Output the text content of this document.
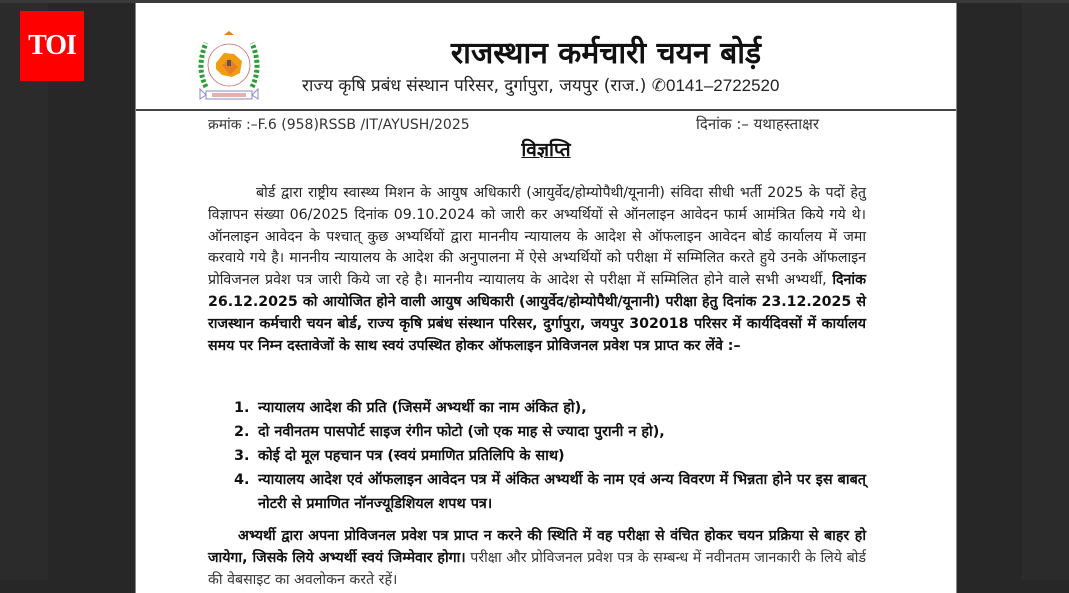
TOI	राजस्थान कर्मचारी चयन बोर्ड़
राज्य कृषि प्रबंध संस्थान परिसर, दुर्गापुरा, जयपुर (राज.) ✆0141–2722520
क्रमांक :–F.6 (958)RSSB /IT/AYUSH/2025	दिनांक :– यथाहस्ताक्षर
विज्ञप्ति
बोर्ड द्वारा राष्ट्रीय स्वास्थ्य मिशन के आयुष अधिकारी (आयुर्वेद/होम्योपैथी/यूनानी) संविदा सीधी भर्ती 2025 के पदों हेतु विज्ञापन संख्या 06/2025 दिनांक 09.10.2024 को जारी कर अभ्यर्थियों से ऑनलाइन आवेदन फार्म आमंत्रित किये गये थे। ऑनलाइन आवेदन के पश्चात् कुछ अभ्यर्थियों द्वारा माननीय न्यायालय के आदेश से ऑफलाइन आवेदन बोर्ड कार्यालय में जमा करवाये गये है। माननीय न्यायालय के आदेश की अनुपालना में ऐसे अभ्यर्थियों को परीक्षा में सम्मिलित करते हुये उनके ऑफलाइन प्रोविजनल प्रवेश पत्र जारी किये जा रहे है। माननीय न्यायालय के आदेश से परीक्षा में सम्मिलित होने वाले सभी अभ्यर्थी, दिनांक 26.12.2025 को आयोजित होने वाली आयुष अधिकारी (आयुर्वेद/होम्योपैथी/यूनानी) परीक्षा हेतु दिनांक 23.12.2025 से राजस्थान कर्मचारी चयन बोर्ड, राज्य कृषि प्रबंध संस्थान परिसर, दुर्गापुरा, जयपुर 302018 परिसर में कार्यदिवसों में कार्यालय समय पर निम्न दस्तावेजों के साथ स्वयं उपस्थित होकर ऑफलाइन प्रोविजनल प्रवेश पत्र प्राप्त कर लेंवे :–
1. न्यायालय आदेश की प्रति (जिसमें अभ्यर्थी का नाम अंकित हो),
2. दो नवीनतम पासपोर्ट साइज रंगीन फोटो (जो एक माह से ज्यादा पुरानी न हो),
3. कोई दो मूल पहचान पत्र (स्वयं प्रमाणित प्रतिलिपि के साथ)
4. न्यायालय आदेश एवं ऑफलाइन आवेदन पत्र में अंकित अभ्यर्थी के नाम एवं अन्य विवरण में भिन्नता होने पर इस बाबत् नोटरी से प्रमाणित नॉनज्यूडिशियल शपथ पत्र।
अभ्यर्थी द्वारा अपना प्रोविजनल प्रवेश पत्र प्राप्त न करने की स्थिति में वह परीक्षा से वंचित होकर चयन प्रक्रिया से बाहर हो जायेगा, जिसके लिये अभ्यर्थी स्वयं जिम्मेवार होगा। परीक्षा और प्रोविजनल प्रवेश पत्र के सम्बन्ध में नवीनतम जानकारी के लिये बोर्ड की वेबसाइट का अवलोकन करते रहें।
